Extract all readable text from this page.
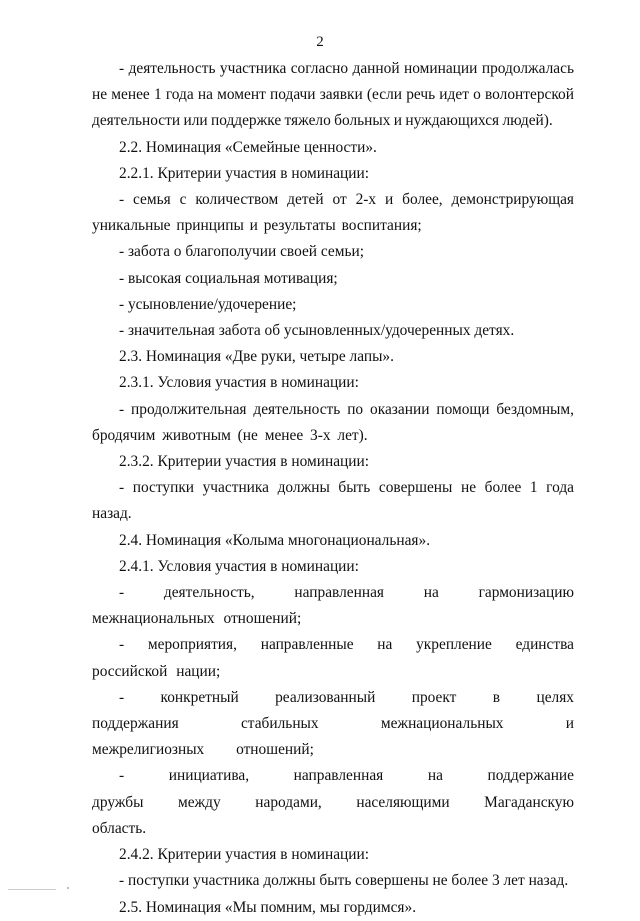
2

- деятельность участника согласно данной номинации продолжалась не менее 1 года на момент подачи заявки (если речь идет о волонтерской деятельности или поддержке тяжело больных и нуждающихся людей).

2.2. Номинация «Семейные ценности».

2.2.1. Критерии участия в номинации:

- семья с количеством детей от 2-х и более, демонстрирующая уникальные принципы и результаты воспитания;

- забота о благополучии своей семьи;

- высокая социальная мотивация;

- усыновление/удочерение;

- значительная забота об усыновленных/удочеренных детях.

2.3. Номинация «Две руки, четыре лапы».

2.3.1. Условия участия в номинации:

- продолжительная деятельность по оказании помощи бездомным, бродячим животным (не менее 3-х лет).

2.3.2. Критерии участия в номинации:

- поступки участника должны быть совершены не более 1 года назад.

2.4. Номинация «Колыма многонациональная».

2.4.1. Условия участия в номинации:

- деятельность, направленная на гармонизацию межнациональных отношений;

- мероприятия, направленные на укрепление единства российской нации;

- конкретный реализованный проект в целях поддержания стабильных межнациональных и межрелигиозных отношений;

- инициатива, направленная на поддержание дружбы между народами, населяющими Магаданскую область.

2.4.2. Критерии участия в номинации:

- поступки участника должны быть совершены не более 3 лет назад.

2.5. Номинация «Мы помним, мы гордимся».
